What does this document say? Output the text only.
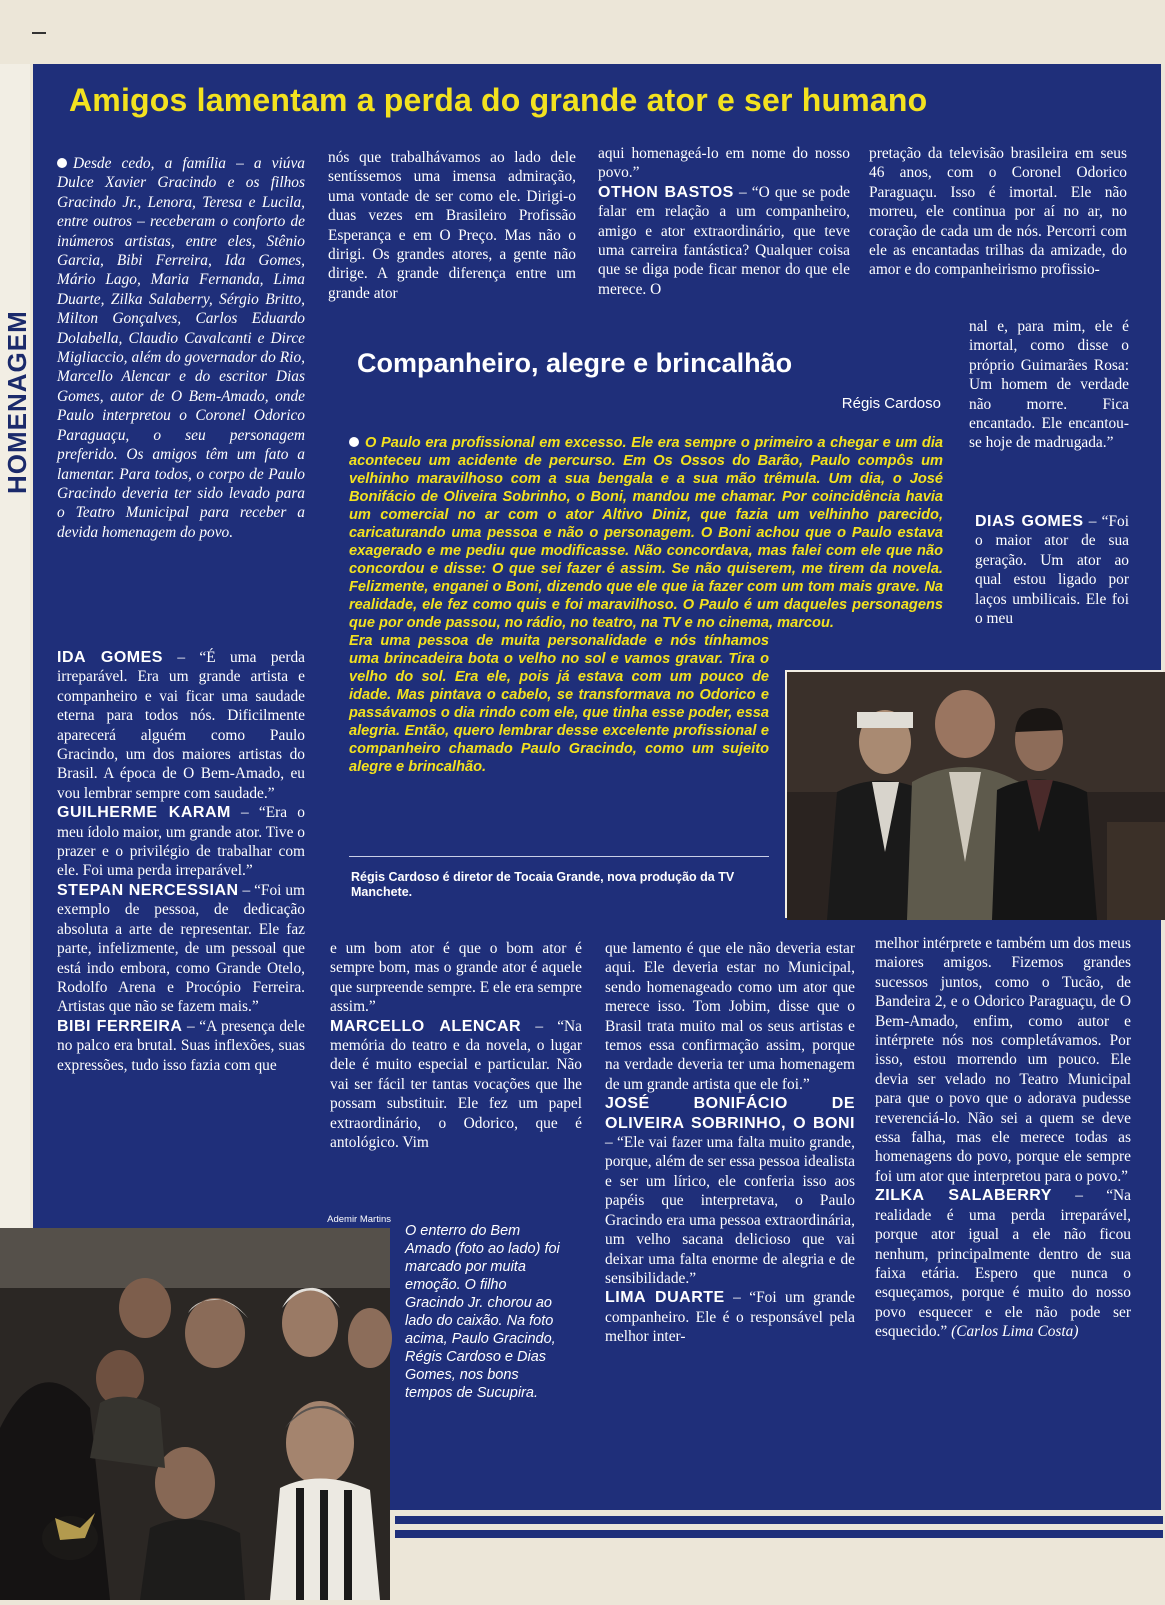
HOMENAGEM
Amigos lamentam a perda do grande ator e ser humano

Desde cedo, a família – a viúva Dulce Xavier Gracindo e os filhos Gracindo Jr., Lenora, Teresa e Lucila, entre outros – receberam o conforto de inúmeros artistas, entre eles, Stênio Garcia, Bibi Ferreira, Ida Gomes, Mário Lago, Maria Fernanda, Lima Duarte, Zilka Salaberry, Sérgio Britto, Milton Gonçalves, Carlos Eduardo Dolabella, Claudio Cavalcanti e Dirce Migliaccio, além do governador do Rio, Marcello Alencar e do escritor Dias Gomes, autor de O Bem-Amado, onde Paulo interpretou o Coronel Odorico Paraguaçu, o seu personagem preferido. Os amigos têm um fato a lamentar. Para todos, o corpo de Paulo Gracindo deveria ter sido levado para o Teatro Municipal para receber a devida homenagem do povo.

nós que trabalhávamos ao lado dele sentíssemos uma imensa admiração, uma vontade de ser como ele. Dirigi-o duas vezes em Brasileiro Profissão Esperança e em O Preço. Mas não o dirigi. Os grandes atores, a gente não dirige. A grande diferença entre um grande ator

aqui homenageá-lo em nome do nosso povo.”

OTHON BASTOS – “O que se pode falar em relação a um companheiro, amigo e ator extraordinário, que teve uma carreira fantástica? Qualquer coisa que se diga pode ficar menor do que ele merece. O

pretação da televisão brasileira em seus 46 anos, com o Coronel Odorico Paraguaçu. Isso é imortal. Ele não morreu, ele continua por aí no ar, no coração de cada um de nós. Percorri com ele as encantadas trilhas da amizade, do amor e do companheirismo profissio-

nal e, para mim, ele é imortal, como disse o próprio Guimarães Rosa: Um homem de verdade não morre. Fica encantado. Ele encantou-se hoje de madrugada.”

DIAS GOMES – “Foi o maior ator de sua geração. Um ator ao qual estou ligado por laços umbilicais. Ele foi o meu

Companheiro, alegre e brincalhão
Régis Cardoso
O Paulo era profissional em excesso. Ele era sempre o primeiro a chegar e um dia aconteceu um acidente de percurso. Em Os Ossos do Barão, Paulo compôs um velhinho maravilhoso com a sua bengala e a sua mão trêmula. Um dia, o José Bonifácio de Oliveira Sobrinho, o Boni, mandou me chamar. Por coincidência havia um comercial no ar com o ator Altivo Diniz, que fazia um velhinho parecido, caricaturando uma pessoa e não o personagem. O Boni achou que o Paulo estava exagerado e me pediu que modificasse. Não concordava, mas falei com ele que não concordou e disse: O que sei fazer é assim. Se não quiserem, me tirem da novela. Felizmente, enganei o Boni, dizendo que ele que ia fazer com um tom mais grave. Na realidade, ele fez como quis e foi maravilhoso. O Paulo é um daqueles personagens que por onde passou, no rádio, no teatro, na TV e no cinema, marcou.
Era uma pessoa de muita personalidade e nós tínhamos uma brincadeira bota o velho no sol e vamos gravar. Tira o velho do sol. Era ele, pois já estava com um pouco de idade. Mas pintava o cabelo, se transformava no Odorico e passávamos o dia rindo com ele, que tinha esse poder, essa alegria. Então, quero lembrar desse excelente profissional e companheiro chamado Paulo Gracindo, como um sujeito alegre e brincalhão.
Régis Cardoso é diretor de Tocaia Grande, nova produção da TV Manchete.

IDA GOMES – “É uma perda irreparável. Era um grande artista e companheiro e vai ficar uma saudade eterna para todos nós. Dificilmente aparecerá alguém como Paulo Gracindo, um dos maiores artistas do Brasil. A época de O Bem-Amado, eu vou lembrar sempre com saudade.”

GUILHERME KARAM – “Era o meu ídolo maior, um grande ator. Tive o prazer e o privilégio de trabalhar com ele. Foi uma perda irreparável.”

STEPAN NERCESSIAN – “Foi um exemplo de pessoa, de dedicação absoluta a arte de representar. Ele faz parte, infelizmente, de um pessoal que está indo embora, como Grande Otelo, Rodolfo Arena e Procópio Ferreira. Artistas que não se fazem mais.”

BIBI FERREIRA – “A presença dele no palco era brutal. Suas inflexões, suas expressões, tudo isso fazia com que

e um bom ator é que o bom ator é sempre bom, mas o grande ator é aquele que surpreende sempre. E ele era sempre assim.”

MARCELLO ALENCAR – “Na memória do teatro e da novela, o lugar dele é muito especial e particular. Não vai ser fácil ter tantas vocações que lhe possam substituir. Ele fez um papel extraordinário, o Odorico, que é antológico. Vim

que lamento é que ele não deveria estar aqui. Ele deveria estar no Municipal, sendo homenageado como um ator que merece isso. Tom Jobim, disse que o Brasil trata muito mal os seus artistas e temos essa confirmação assim, porque na verdade deveria ter uma homenagem de um grande artista que ele foi.”

JOSÉ BONIFÁCIO DE OLIVEIRA SOBRINHO, O BONI – “Ele vai fazer uma falta muito grande, porque, além de ser essa pessoa idealista e ser um lírico, ele conferia isso aos papéis que interpretava, o Paulo Gracindo era uma pessoa extraordinária, um velho sacana delicioso que vai deixar uma falta enorme de alegria e de sensibilidade.”

LIMA DUARTE – “Foi um grande companheiro. Ele é o responsável pela melhor inter-

melhor intérprete e também um dos meus maiores amigos. Fizemos grandes sucessos juntos, como o Tucão, de Bandeira 2, e o Odorico Paraguaçu, de O Bem-Amado, enfim, como autor e intérprete nós nos completávamos. Por isso, estou morrendo um pouco. Ele devia ser velado no Teatro Municipal para que o povo que o adorava pudesse reverenciá-lo. Não sei a quem se deve essa falha, mas ele merece todas as homenagens do povo, porque ele sempre foi um ator que interpretou para o povo.”

ZILKA SALABERRY – “Na realidade é uma perda irreparável, porque ator igual a ele não ficou nenhum, principalmente dentro de sua faixa etária. Espero que nunca o esqueçamos, porque é muito do nosso povo esquecer e ele não pode ser esquecido.” (Carlos Lima Costa)

O enterro do Bem Amado (foto ao lado) foi marcado por muita emoção. O filho Gracindo Jr. chorou ao lado do caixão. Na foto acima, Paulo Gracindo, Régis Cardoso e Dias Gomes, nos bons tempos de Sucupira.
Ademir Martins
